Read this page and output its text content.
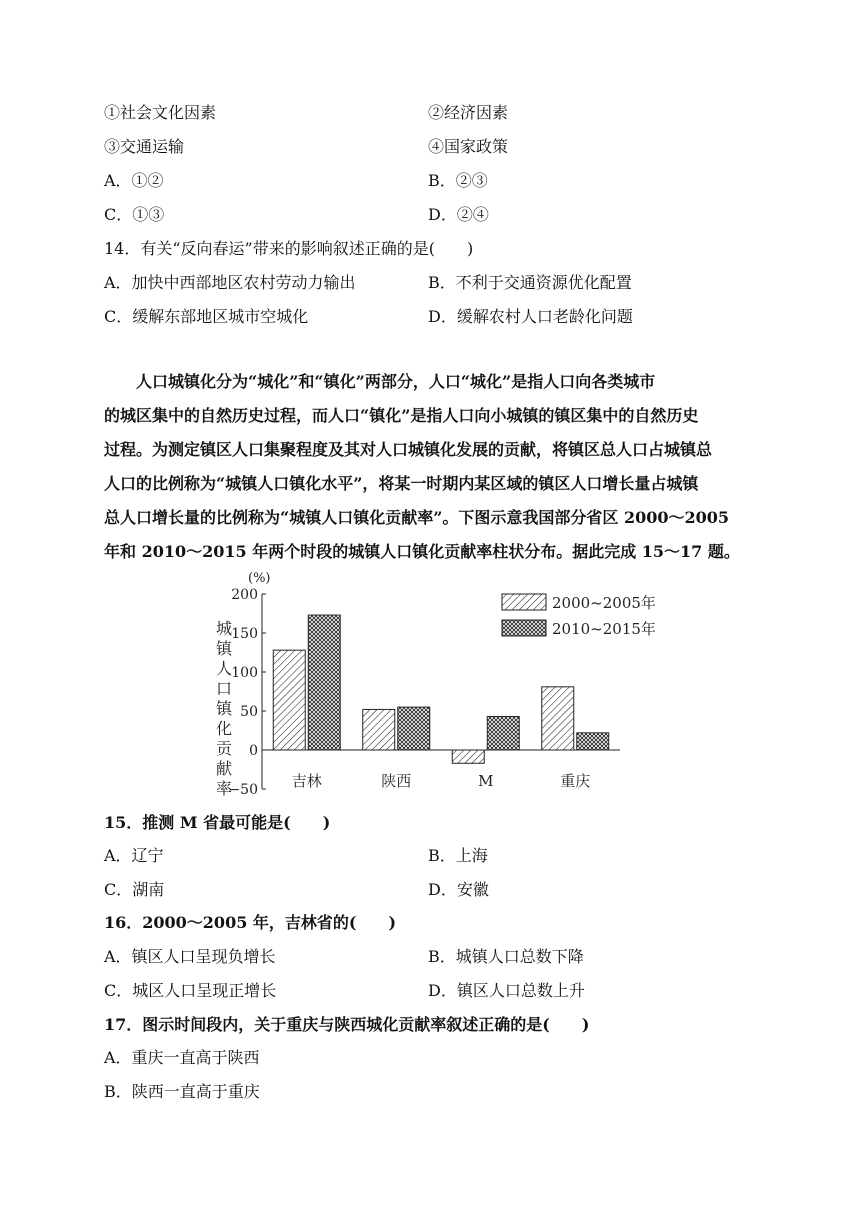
①社会文化因素	②经济因素
③交通运输	④国家政策
A．①②	B．②③
C．①③	D．②④
14．有关“反向春运”带来的影响叙述正确的是(　　)
A．加快中西部地区农村劳动力输出	B．不利于交通资源优化配置
C．缓解东部地区城市空城化	D．缓解农村人口老龄化问题

　　人口城镇化分为“城化”和“镇化”两部分，人口“城化”是指人口向各类城市

的城区集中的自然历史过程，而人口“镇化”是指人口向小城镇的镇区集中的自然历史

过程。为测定镇区人口集聚程度及其对人口城镇化发展的贡献，将镇区总人口占城镇总

人口的比例称为“城镇人口镇化水平”，将某一时期内某区域的镇区人口增长量占城镇

总人口增长量的比例称为“城镇人口镇化贡献率”。下图示意我国部分省区 2000～2005

年和 2010～2015 年两个时段的城镇人口镇化贡献率柱状分布。据此完成 15～17 题。

200
150
100
50
0
−50
(%)
城
镇
人
口
镇
化
贡
献
率	吉林	陕西	M	重庆
2000~2005年
2010~2015年
15．推测 M 省最可能是(　　)
A．辽宁	B．上海
C．湖南	D．安徽
16．2000～2005 年，吉林省的(　　)
A．镇区人口呈现负增长	B．城镇人口总数下降
C．城区人口呈现正增长	D．镇区人口总数上升
17．图示时间段内，关于重庆与陕西城化贡献率叙述正确的是(　　)
A．重庆一直高于陕西
B．陕西一直高于重庆
